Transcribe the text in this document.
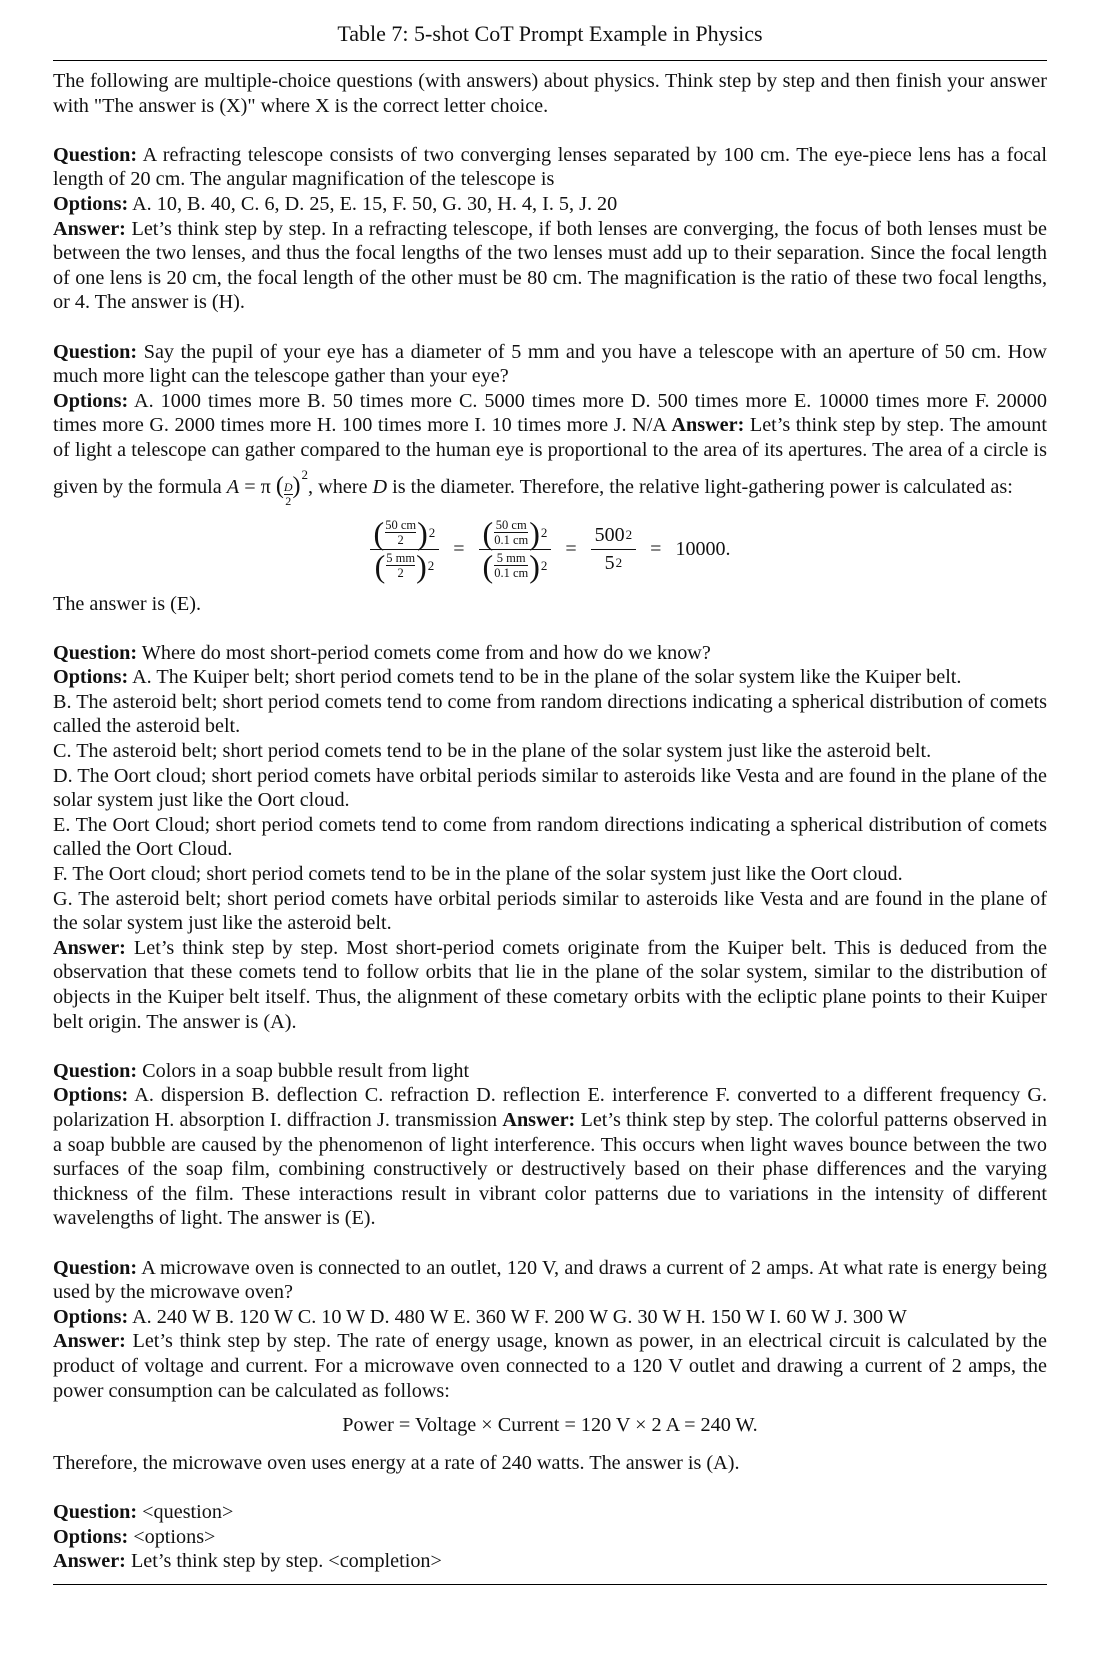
Table 7: 5-shot CoT Prompt Example in Physics

The following are multiple-choice questions (with answers) about physics. Think step by step and then finish your answer with "The answer is (X)" where X is the correct letter choice.

Question: A refracting telescope consists of two converging lenses separated by 100 cm. The eye-piece lens has a focal length of 20 cm. The angular magnification of the telescope is

Options: A. 10, B. 40, C. 6, D. 25, E. 15, F. 50, G. 30, H. 4, I. 5, J. 20

Answer: Let’s think step by step. In a refracting telescope, if both lenses are converging, the focus of both lenses must be between the two lenses, and thus the focal lengths of the two lenses must add up to their separation. Since the focal length of one lens is 20 cm, the focal length of the other must be 80 cm. The magnification is the ratio of these two focal lengths, or 4. The answer is (H).

Question: Say the pupil of your eye has a diameter of 5 mm and you have a telescope with an aperture of 50 cm. How much more light can the telescope gather than your eye?

Options: A. 1000 times more B. 50 times more C. 5000 times more D. 500 times more E. 10000 times more F. 20000 times more G. 2000 times more H. 100 times more I. 10 times more J. N/A Answer: Let’s think step by step. The amount of light a telescope can gather compared to the human eye is proportional to the area of its apertures. The area of a circle is given by the formula A = π ( $\frac{D}{2} )^2$, where D is the diameter. Therefore, the relative light-gathering power is calculated as:

$\frac{( \frac{50 cm}{2} ) 2}{( \frac{5 mm}{2} ) 2} = \frac{( \frac{50 cm}{0.1 cm} ) 2}{( \frac{5 mm}{0.1 cm} ) 2} = \frac{500 2}{5 2} = 10000$.

The answer is (E).

Question: Where do most short-period comets come from and how do we know?

Options: A. The Kuiper belt; short period comets tend to be in the plane of the solar system like the Kuiper belt.

B. The asteroid belt; short period comets tend to come from random directions indicating a spherical distribution of comets called the asteroid belt.

C. The asteroid belt; short period comets tend to be in the plane of the solar system just like the asteroid belt.

D. The Oort cloud; short period comets have orbital periods similar to asteroids like Vesta and are found in the plane of the solar system just like the Oort cloud.

E. The Oort Cloud; short period comets tend to come from random directions indicating a spherical distribution of comets called the Oort Cloud.

F. The Oort cloud; short period comets tend to be in the plane of the solar system just like the Oort cloud.

G. The asteroid belt; short period comets have orbital periods similar to asteroids like Vesta and are found in the plane of the solar system just like the asteroid belt.

Answer: Let’s think step by step. Most short-period comets originate from the Kuiper belt. This is deduced from the observation that these comets tend to follow orbits that lie in the plane of the solar system, similar to the distribution of objects in the Kuiper belt itself. Thus, the alignment of these cometary orbits with the ecliptic plane points to their Kuiper belt origin. The answer is (A).

Question: Colors in a soap bubble result from light

Options: A. dispersion B. deflection C. refraction D. reflection E. interference F. converted to a different frequency G. polarization H. absorption I. diffraction J. transmission Answer: Let’s think step by step. The colorful patterns observed in a soap bubble are caused by the phenomenon of light interference. This occurs when light waves bounce between the two surfaces of the soap film, combining constructively or destructively based on their phase differences and the varying thickness of the film. These interactions result in vibrant color patterns due to variations in the intensity of different wavelengths of light. The answer is (E).

Question: A microwave oven is connected to an outlet, 120 V, and draws a current of 2 amps. At what rate is energy being used by the microwave oven?

Options: A. 240 W B. 120 W C. 10 W D. 480 W E. 360 W F. 200 W G. 30 W H. 150 W I. 60 W J. 300 W

Answer: Let’s think step by step. The rate of energy usage, known as power, in an electrical circuit is calculated by the product of voltage and current. For a microwave oven connected to a 120 V outlet and drawing a current of 2 amps, the power consumption can be calculated as follows:

Power = Voltage × Current = 120 V × 2 A = 240 W.

Therefore, the microwave oven uses energy at a rate of 240 watts. The answer is (A).

Question: <question>

Options: <options>

Answer: Let’s think step by step. <completion>
